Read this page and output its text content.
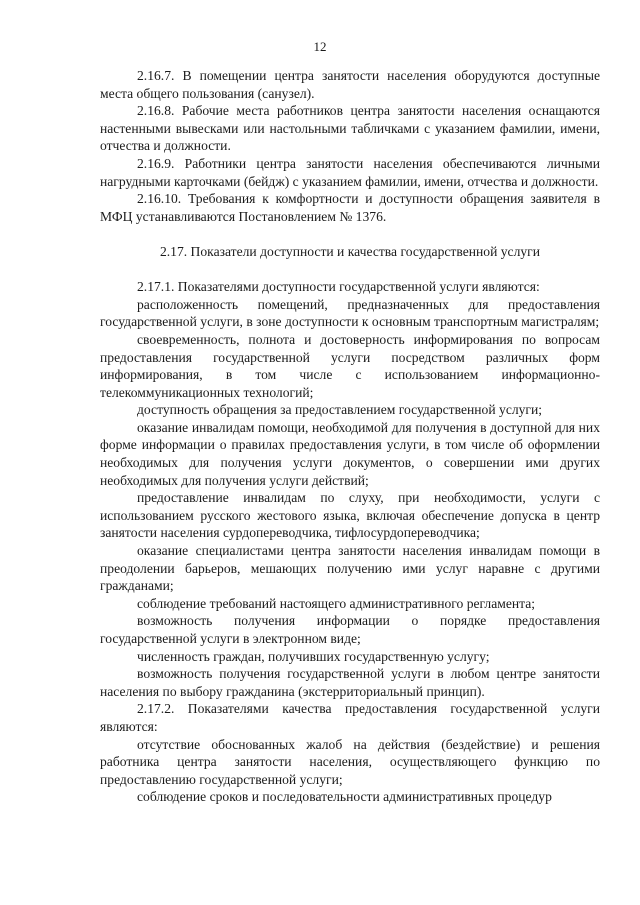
12

2.16.7. В помещении центра занятости населения оборудуются доступные места общего пользования (санузел).

2.16.8. Рабочие места работников центра занятости населения оснащаются настенными вывесками или настольными табличками с указанием фамилии, имени, отчества и должности.

2.16.9. Работники центра занятости населения обеспечиваются личными нагрудными карточками (бейдж) с указанием фамилии, имени, отчества и должности.

2.16.10. Требования к комфортности и доступности обращения заявителя в МФЦ устанавливаются Постановлением № 1376.

2.17. Показатели доступности и качества государственной услуги

2.17.1. Показателями доступности государственной услуги являются:

расположенность помещений, предназначенных для предоставления государственной услуги, в зоне доступности к основным транспортным магистралям;

своевременность, полнота и достоверность информирования по вопросам предоставления государственной услуги посредством различных форм информирования, в том числе с использованием информационно-телекоммуникационных технологий;

доступность обращения за предоставлением государственной услуги;

оказание инвалидам помощи, необходимой для получения в доступной для них форме информации о правилах предоставления услуги, в том числе об оформлении необходимых для получения услуги документов, о совершении ими других необходимых для получения услуги действий;

предоставление инвалидам по слуху, при необходимости, услуги с использованием русского жестового языка, включая обеспечение допуска в центр занятости населения сурдопереводчика, тифлосурдопереводчика;

оказание специалистами центра занятости населения инвалидам помощи в преодолении барьеров, мешающих получению ими услуг наравне с другими гражданами;

соблюдение требований настоящего административного регламента;

возможность получения информации о порядке предоставления государственной услуги в электронном виде;

численность граждан, получивших государственную услугу;

возможность получения государственной услуги в любом центре занятости населения по выбору гражданина (экстерриториальный принцип).

2.17.2. Показателями качества предоставления государственной услуги являются:

отсутствие обоснованных жалоб на действия (бездействие) и решения работника центра занятости населения, осуществляющего функцию по предоставлению государственной услуги;

соблюдение сроков и последовательности административных процедур
